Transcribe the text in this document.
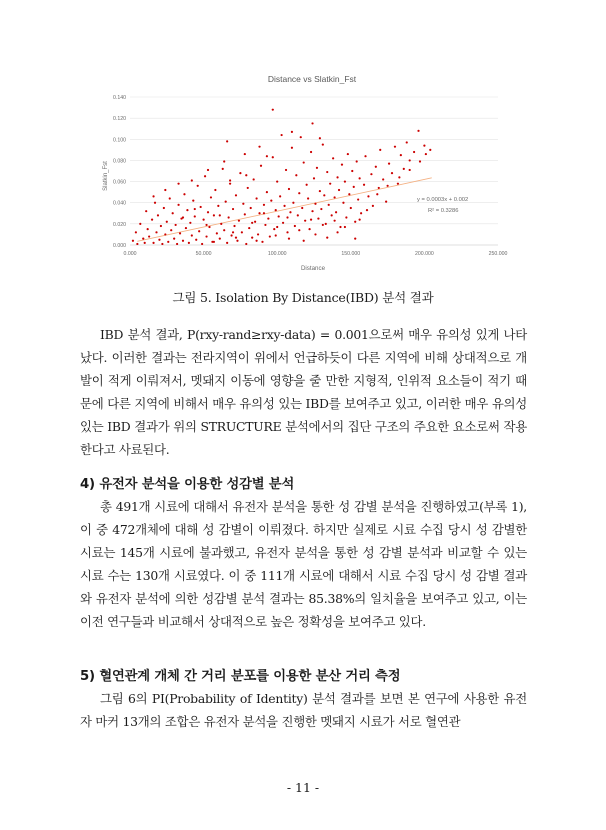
Distance vs Slatkin_Fst
0.000
0.020
0.040
0.060
0.080
0.100
0.120
0.140
0.000	50.000	100.000	150.000	200.000	250.000
y = 0.0003x + 0.002
R² = 0.3286
Distance
Slatkin_Fst
그림 5. Isolation By Distance(IBD) 분석 결과

IBD 분석 결과, P(rxy-rand≥rxy-data) = 0.001으로써 매우 유의성 있게 나타났다. 이러한 결과는 전라지역이 위에서 언급하듯이 다른 지역에 비해 상대적으로 개발이 적게 이뤄져서, 멧돼지 이동에 영향을 줄 만한 지형적, 인위적 요소들이 적기 때문에 다른 지역에 비해서 매우 유의성 있는 IBD를 보여주고 있고, 이러한 매우 유의성 있는 IBD 결과가 위의 STRUCTURE 분석에서의 집단 구조의 주요한 요소로써 작용한다고 사료된다.

4) 유전자 분석을 이용한 성감별 분석

총 491개 시료에 대해서 유전자 분석을 통한 성 감별 분석을 진행하였고(부록 1), 이 중 472개체에 대해 성 감별이 이뤄졌다. 하지만 실제로 시료 수집 당시 성 감별한 시료는 145개 시료에 불과했고, 유전자 분석을 통한 성 감별 분석과 비교할 수 있는 시료 수는 130개 시료였다. 이 중 111개 시료에 대해서 시료 수집 당시 성 감별 결과와 유전자 분석에 의한 성감별 분석 결과는 85.38%의 일치율을 보여주고 있고, 이는 이전 연구들과 비교해서 상대적으로 높은 정확성을 보여주고 있다.

5) 혈연관계 개체 간 거리 분포를 이용한 분산 거리 측정

그림 6의 PI(Probability of Identity) 분석 결과를 보면 본 연구에 사용한 유전자 마커 13개의 조합은 유전자 분석을 진행한 멧돼지 시료가 서로 혈연관

- 11 -
